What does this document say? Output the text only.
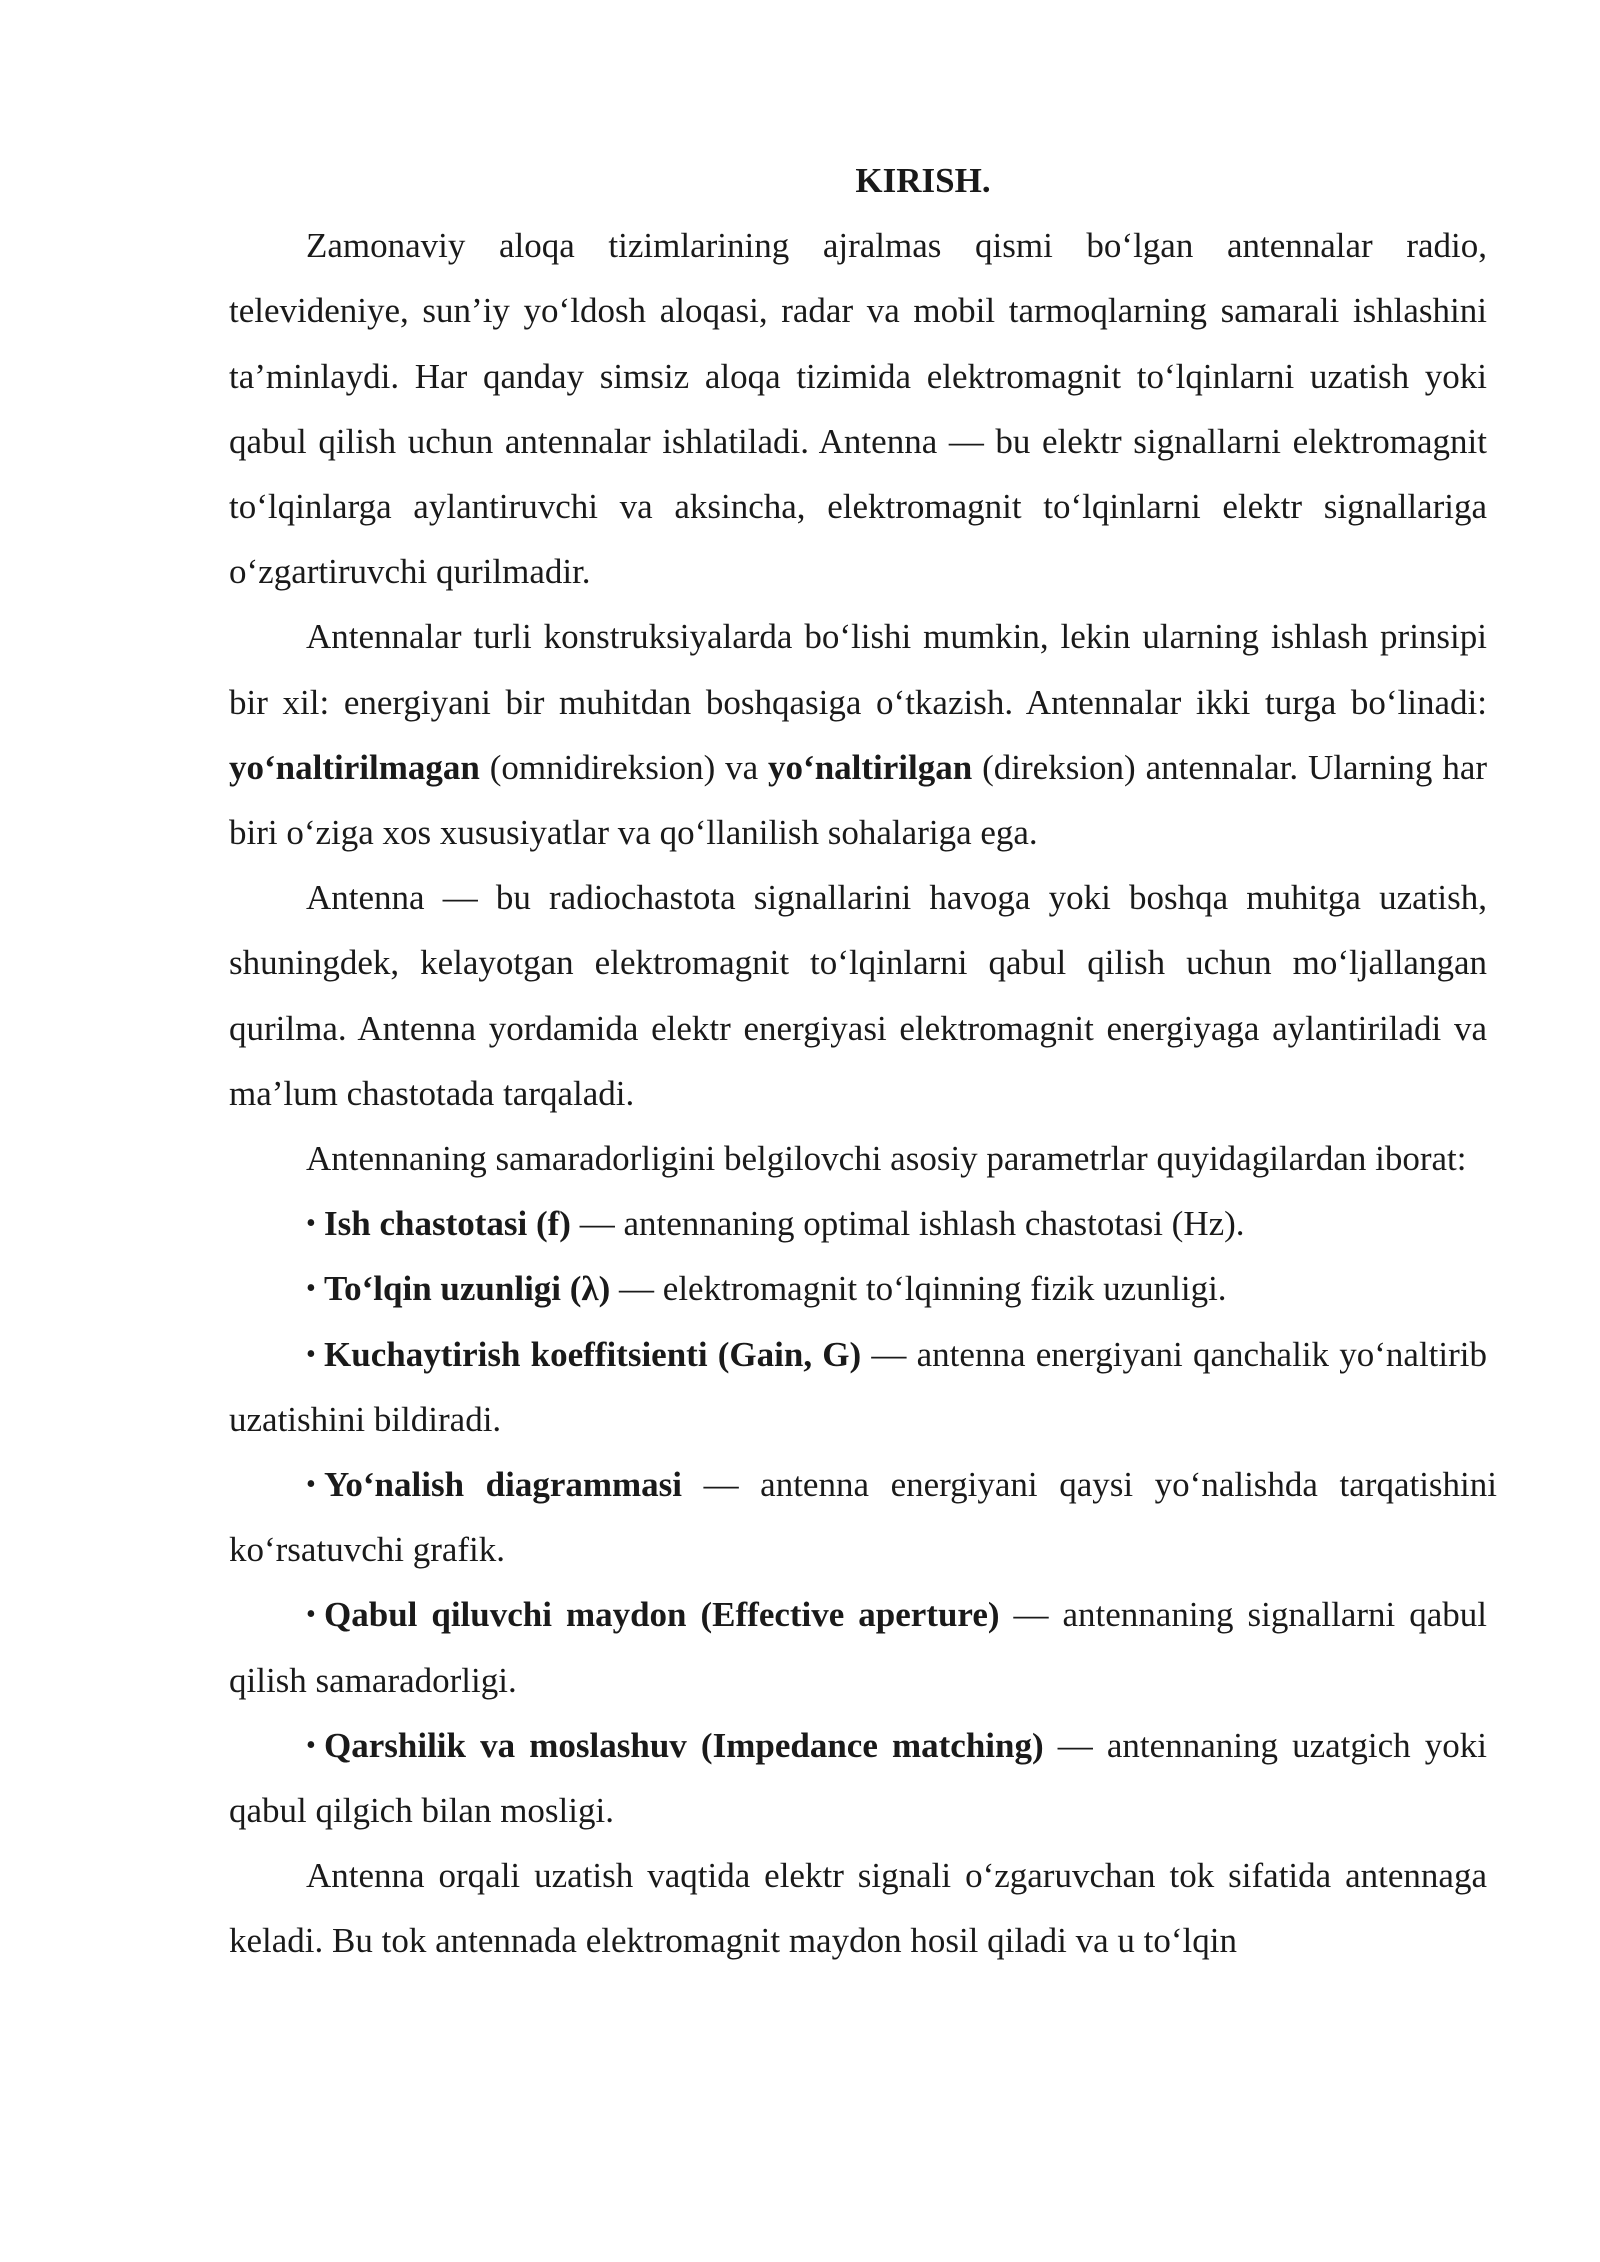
KIRISH.

Zamonaviy aloqa tizimlarining ajralmas qismi bo‘lgan antennalar radio, televideniye, sun’iy yo‘ldosh aloqasi, radar va mobil tarmoqlarning samarali ishlashini ta’minlaydi. Har qanday simsiz aloqa tizimida elektromagnit to‘lqinlarni uzatish yoki qabul qilish uchun antennalar ishlatiladi. Antenna — bu elektr signallarni elektromagnit to‘lqinlarga aylantiruvchi va aksincha, elektromagnit to‘lqinlarni elektr signallariga o‘zgartiruvchi qurilmadir.

Antennalar turli konstruksiyalarda bo‘lishi mumkin, lekin ularning ishlash prinsipi bir xil: energiyani bir muhitdan boshqasiga o‘tkazish. Antennalar ikki turga bo‘linadi: yo‘naltirilmagan (omnidireksion) va yo‘naltirilgan (direksion) antennalar. Ularning har biri o‘ziga xos xususiyatlar va qo‘llanilish sohalariga ega.

Antenna — bu radiochastota signallarini havoga yoki boshqa muhitga uzatish, shuningdek, kelayotgan elektromagnit to‘lqinlarni qabul qilish uchun mo‘ljallangan qurilma. Antenna yordamida elektr energiyasi elektromagnit energiyaga aylantiriladi va ma’lum chastotada tarqaladi.

Antennaning samaradorligini belgilovchi asosiy parametrlar quyidagilardan iborat:

• Ish chastotasi (f) — antennaning optimal ishlash chastotasi (Hz).

• To‘lqin uzunligi (λ) — elektromagnit to‘lqinning fizik uzunligi.

• Kuchaytirish koeffitsienti (Gain, G) — antenna energiyani qanchalik yo‘naltirib uzatishini bildiradi.

• Yo‘nalish diagrammasi — antenna energiyani qaysi yo‘nalishda tarqatishini ko‘rsatuvchi grafik.

• Qabul qiluvchi maydon (Effective aperture) — antennaning signallarni qabul qilish samaradorligi.

• Qarshilik va moslashuv (Impedance matching) — antennaning uzatgich yoki qabul qilgich bilan mosligi.

Antenna orqali uzatish vaqtida elektr signali o‘zgaruvchan tok sifatida antennaga keladi. Bu tok antennada elektromagnit maydon hosil qiladi va u to‘lqin
